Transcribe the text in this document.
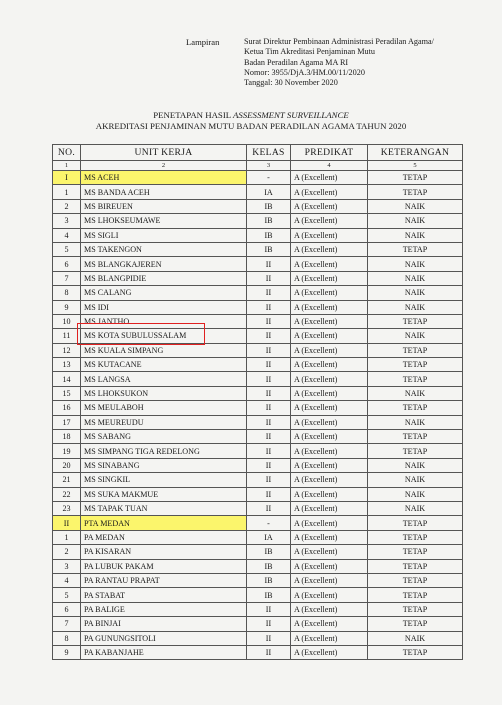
Lampiran	Surat Direktur Pembinaan Administrasi Peradilan Agama/
Ketua Tim Akreditasi Penjaminan Mutu
Badan Peradilan Agama MA RI
Nomor: 3955/DjA.3/HM.00/11/2020
Tanggal: 30 November 2020
PENETAPAN HASIL ASSESSMENT SURVEILLANCE
AKREDITASI PENJAMINAN MUTU BADAN PERADILAN AGAMA TAHUN 2020
NO.	UNIT KERJA	KELAS	PREDIKAT	KETERANGAN
1	2	3	4	5
I	MS ACEH	-	A (Excellent)	TETAP
1	MS BANDA ACEH	IA	A (Excellent)	TETAP
2	MS BIREUEN	IB	A (Excellent)	NAIK
3	MS LHOKSEUMAWE	IB	A (Excellent)	NAIK
4	MS SIGLI	IB	A (Excellent)	NAIK
5	MS TAKENGON	IB	A (Excellent)	TETAP
6	MS BLANGKAJEREN	II	A (Excellent)	NAIK
7	MS BLANGPIDIE	II	A (Excellent)	NAIK
8	MS CALANG	II	A (Excellent)	NAIK
9	MS IDI	II	A (Excellent)	NAIK
10	MS JANTHO	II	A (Excellent)	TETAP
11	MS KOTA SUBULUSSALAM	II	A (Excellent)	NAIK
12	MS KUALA SIMPANG	II	A (Excellent)	TETAP
13	MS KUTACANE	II	A (Excellent)	TETAP
14	MS LANGSA	II	A (Excellent)	TETAP
15	MS LHOKSUKON	II	A (Excellent)	NAIK
16	MS MEULABOH	II	A (Excellent)	TETAP
17	MS MEUREUDU	II	A (Excellent)	NAIK
18	MS SABANG	II	A (Excellent)	TETAP
19	MS SIMPANG TIGA REDELONG	II	A (Excellent)	TETAP
20	MS SINABANG	II	A (Excellent)	NAIK
21	MS SINGKIL	II	A (Excellent)	NAIK
22	MS SUKA MAKMUE	II	A (Excellent)	NAIK
23	MS TAPAK TUAN	II	A (Excellent)	NAIK
II	PTA MEDAN	-	A (Excellent)	TETAP
1	PA MEDAN	IA	A (Excellent)	TETAP
2	PA KISARAN	IB	A (Excellent)	TETAP
3	PA LUBUK PAKAM	IB	A (Excellent)	TETAP
4	PA RANTAU PRAPAT	IB	A (Excellent)	TETAP
5	PA STABAT	IB	A (Excellent)	TETAP
6	PA BALIGE	II	A (Excellent)	TETAP
7	PA BINJAI	II	A (Excellent)	TETAP
8	PA GUNUNGSITOLI	II	A (Excellent)	NAIK
9	PA KABANJAHE	II	A (Excellent)	TETAP
